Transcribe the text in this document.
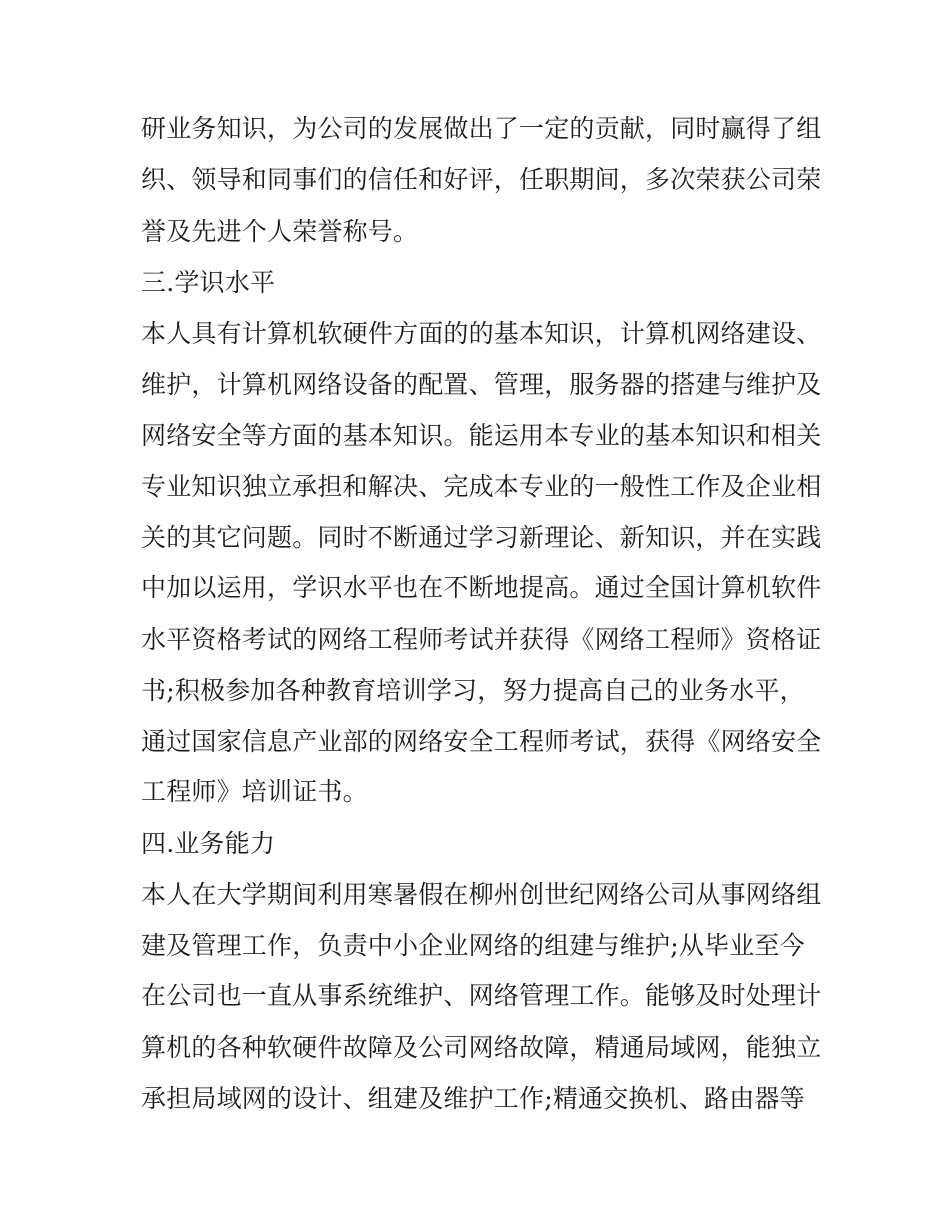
研业务知识，为公司的发展做出了一定的贡献，同时赢得了组
织、领导和同事们的信任和好评，任职期间，多次荣获公司荣
誉及先进个人荣誉称号。
三.学识水平
本人具有计算机软硬件方面的的基本知识，计算机网络建设、
维护，计算机网络设备的配置、管理，服务器的搭建与维护及
网络安全等方面的基本知识。能运用本专业的基本知识和相关
专业知识独立承担和解决、完成本专业的一般性工作及企业相
关的其它问题。同时不断通过学习新理论、新知识，并在实践
中加以运用，学识水平也在不断地提高。通过全国计算机软件
水平资格考试的网络工程师考试并获得《网络工程师》资格证
书;积极参加各种教育培训学习，努力提高自己的业务水平，
通过国家信息产业部的网络安全工程师考试，获得《网络安全
工程师》培训证书。
四.业务能力
本人在大学期间利用寒暑假在柳州创世纪网络公司从事网络组
建及管理工作，负责中小企业网络的组建与维护;从毕业至今
在公司也一直从事系统维护、网络管理工作。能够及时处理计
算机的各种软硬件故障及公司网络故障，精通局域网，能独立
承担局域网的设计、组建及维护工作;精通交换机、路由器等
